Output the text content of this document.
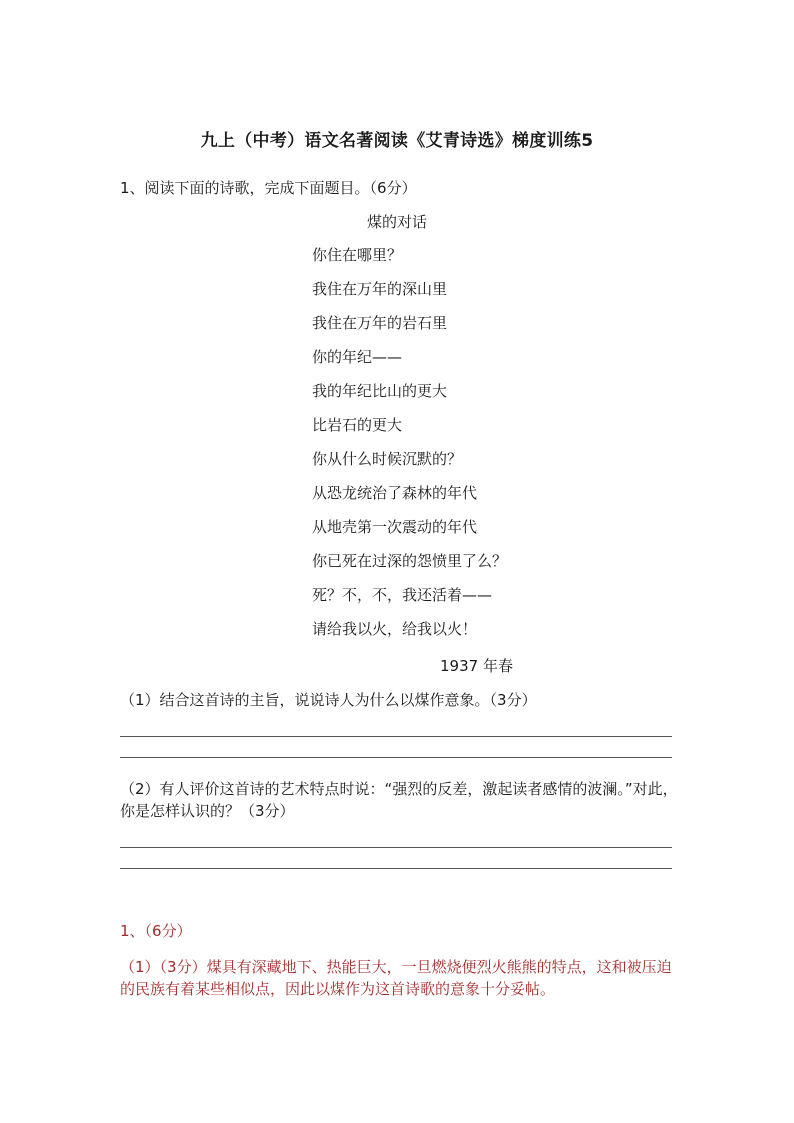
九上（中考）语文名著阅读《艾青诗选》梯度训练5
1、阅读下面的诗歌，完成下面题目。（6分）
煤的对话
你住在哪里？
我住在万年的深山里
我住在万年的岩石里
你的年纪——
我的年纪比山的更大
比岩石的更大
你从什么时候沉默的？
从恐龙统治了森林的年代
从地壳第一次震动的年代
你已死在过深的怨愤里了么？
死？不，不，我还活着——
请给我以火，给我以火！
1937 年春
（1）结合这首诗的主旨，说说诗人为什么以煤作意象。（3分）
（2）有人评价这首诗的艺术特点时说：“强烈的反差，激起读者感情的波澜。”对此，你是怎样认识的？（3分）
1、（6分）
（1）（3分）煤具有深藏地下、热能巨大，一旦燃烧便烈火熊熊的特点，这和被压迫的民族有着某些相似点，因此以煤作为这首诗歌的意象十分妥帖。
